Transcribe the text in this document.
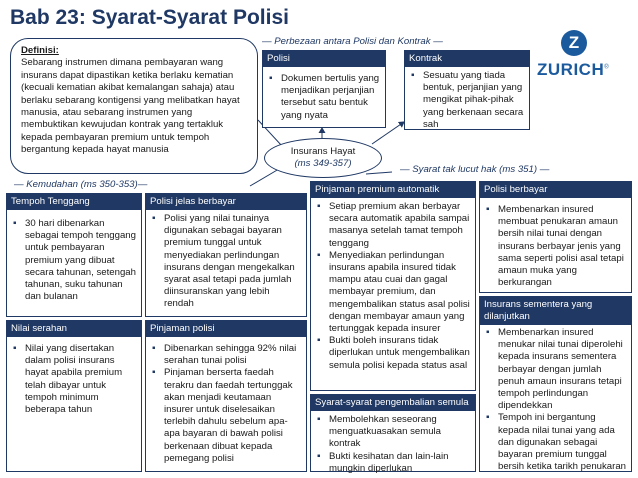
Bab 23: Syarat-Syarat Polisi
Definisi:
Sebarang instrumen dimana pembayaran wang insurans dapat dipastikan ketika berlaku kematian (kecuali kematian akibat kemalangan sahaja) atau berlaku sebarang kontigensi yang melibatkan hayat manusia, atau sebarang instrumen yang membuktikan kewujudan kontrak yang tertakluk kepada pembayaran premium untuk tempoh bergantung kepada hayat manusia
Z
ZURICH®
— Perbezaan antara Polisi dan Kontrak —
— Kemudahan (ms 350-353)—
— Syarat tak lucut hak (ms 351) —
Polisi
▪ Dokumen bertulis yang menjadikan perjanjian tersebut satu bentuk yang nyata
Kontrak
▪ Sesuatu yang tiada bentuk, perjanjian yang mengikat pihak-pihak yang berkenaan secara sah
Insurans Hayat
(ms 349-357)
Tempoh Tenggang
▪ 30 hari dibenarkan sebagai tempoh tenggang untuk pembayaran premium yang dibuat secara tahunan, setengah tahunan, suku tahunan dan bulanan
Polisi jelas berbayar
▪ Polisi yang nilai tunainya digunakan sebagai bayaran premium tunggal untuk menyediakan perlindungan insurans dengan mengekalkan syarat asal tetapi pada jumlah diinsuranskan yang lebih rendah
Nilai serahan
▪ Nilai yang disertakan dalam polisi insurans hayat apabila premium telah dibayar untuk tempoh minimum beberapa tahun
Pinjaman polisi
▪ Dibenarkan sehingga 92% nilai serahan tunai polisi
▪ Pinjaman berserta faedah terakru dan faedah tertunggak akan menjadi keutamaan insurer untuk diselesaikan terlebih dahulu sebelum apa-apa bayaran di bawah polisi berkenaan dibuat kepada pemegang polisi
Pinjaman premium automatik
▪ Setiap premium akan berbayar secara automatik apabila sampai masanya setelah tamat tempoh tenggang
▪ Menyediakan perlindungan insurans apabila insured tidak mampu atau cuai dan gagal membayar premium, dan mengembalikan status asal polisi dengan membayar amaun yang tertunggak kepada insurer
▪ Bukti boleh insurans tidak diperlukan untuk mengembalikan semula polisi kepada status asal
Syarat-syarat pengembalian semula
▪ Membolehkan seseorang menguatkuasakan semula kontrak
▪ Bukti kesihatan dan lain-lain mungkin diperlukan
Polisi berbayar
▪ Membenarkan insured membuat penukaran amaun bersih nilai tunai dengan insurans berbayar jenis yang sama seperti polisi asal tetapi amaun muka yang berkurangan
Insurans sementera yang dilanjutkan
▪ Membenarkan insured menukar nilai tunai diperolehi kepada insurans sementera berbayar dengan jumlah penuh amaun insurans tetapi tempoh perlindungan dipendekkan
▪ Tempoh ini bergantung kepada nilai tunai yang ada dan digunakan sebagai bayaran premium tunggal bersih ketika tarikh penukaran
